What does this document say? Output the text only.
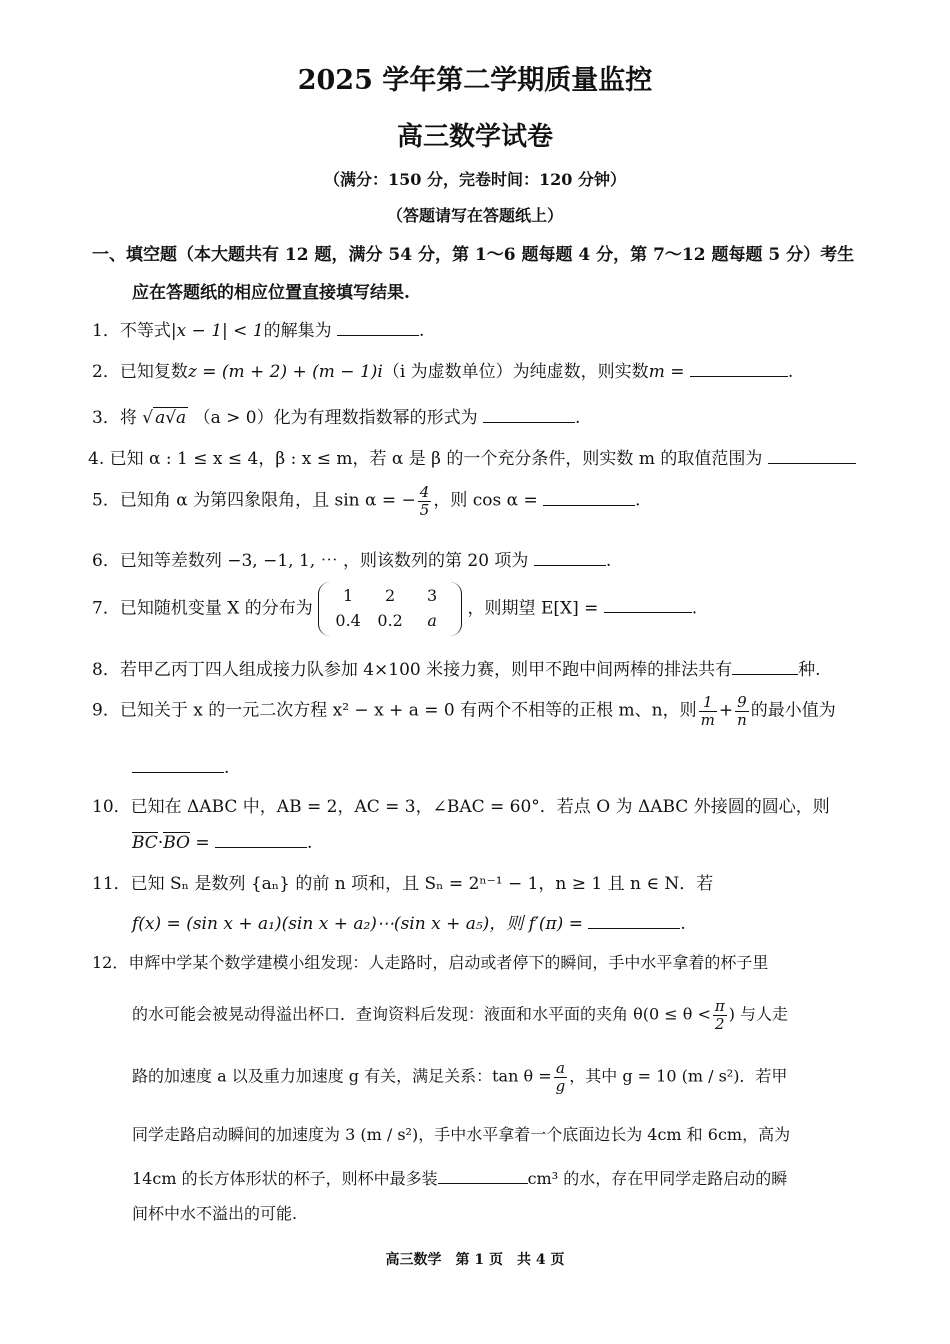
2025 学年第二学期质量监控
高三数学试卷
（满分：150 分，完卷时间：120 分钟）
（答题请写在答题纸上）
一、填空题（本大题共有 12 题，满分 54 分，第 1～6 题每题 4 分，第 7～12 题每题 5 分）考生
应在答题纸的相应位置直接填写结果.
1．不等式|x − 1| < 1的解集为	.
2．已知复数z = (m + 2) + (m − 1)i（i 为虚数单位）为纯虚数，则实数m =	.
3．将 √ a√a （a > 0）化为有理数指数幂的形式为	.
4. 已知 α : 1 ≤ x ≤ 4，β : x ≤ m，若 α 是 β 的一个充分条件，则实数 m 的取值范围为
5．已知角 α 为第四象限角，且 sin α = − $\frac{4}{5}$ ，则 cos α =	.
6．已知等差数列 −3, −1, 1, ⋯ ，则该数列的第 20 项为	.
7．已知随机变量 X 的分布为
1 2 3
0.4 0.2 a
，则期望 E[X] =	.
8．若甲乙丙丁四人组成接力队参加 4×100 米接力赛，则甲不跑中间两棒的排法共有	种.
9．已知关于 x 的一元二次方程 x² − x + a = 0 有两个不相等的正根 m、n，则 $\frac{1}{m} + \frac{9}{n}$ 的最小值为
.
10．已知在 ΔABC 中，AB = 2，AC = 3，∠BAC = 60°．若点 O 为 ΔABC 外接圆的圆心，则
BC·BO =	.
11．已知 Sₙ 是数列 {aₙ} 的前 n 项和，且 Sₙ = 2ⁿ⁻¹ − 1，n ≥ 1 且 n ∈ N．若
f(x) = (sin x + a₁)(sin x + a₂)⋯(sin x + a₅)，则 f′(π) =	.
12．申辉中学某个数学建模小组发现：人走路时，启动或者停下的瞬间，手中水平拿着的杯子里
的水可能会被晃动得溢出杯口．查询资料后发现：液面和水平面的夹角 $\theta(0 \le \theta < \frac{\pi}{2}$ ) 与人走
路的加速度 a 以及重力加速度 g 有关，满足关系：$\tan \theta = \frac{a}{g}$ ，其中 g = 10 (m / s²)．若甲
同学走路启动瞬间的加速度为 3 (m / s²)，手中水平拿着一个底面边长为 4cm 和 6cm，高为
14cm 的长方体形状的杯子，则杯中最多装	cm³ 的水，存在甲同学走路启动的瞬
间杯中水不溢出的可能.
高三数学　第 1 页　共 4 页
